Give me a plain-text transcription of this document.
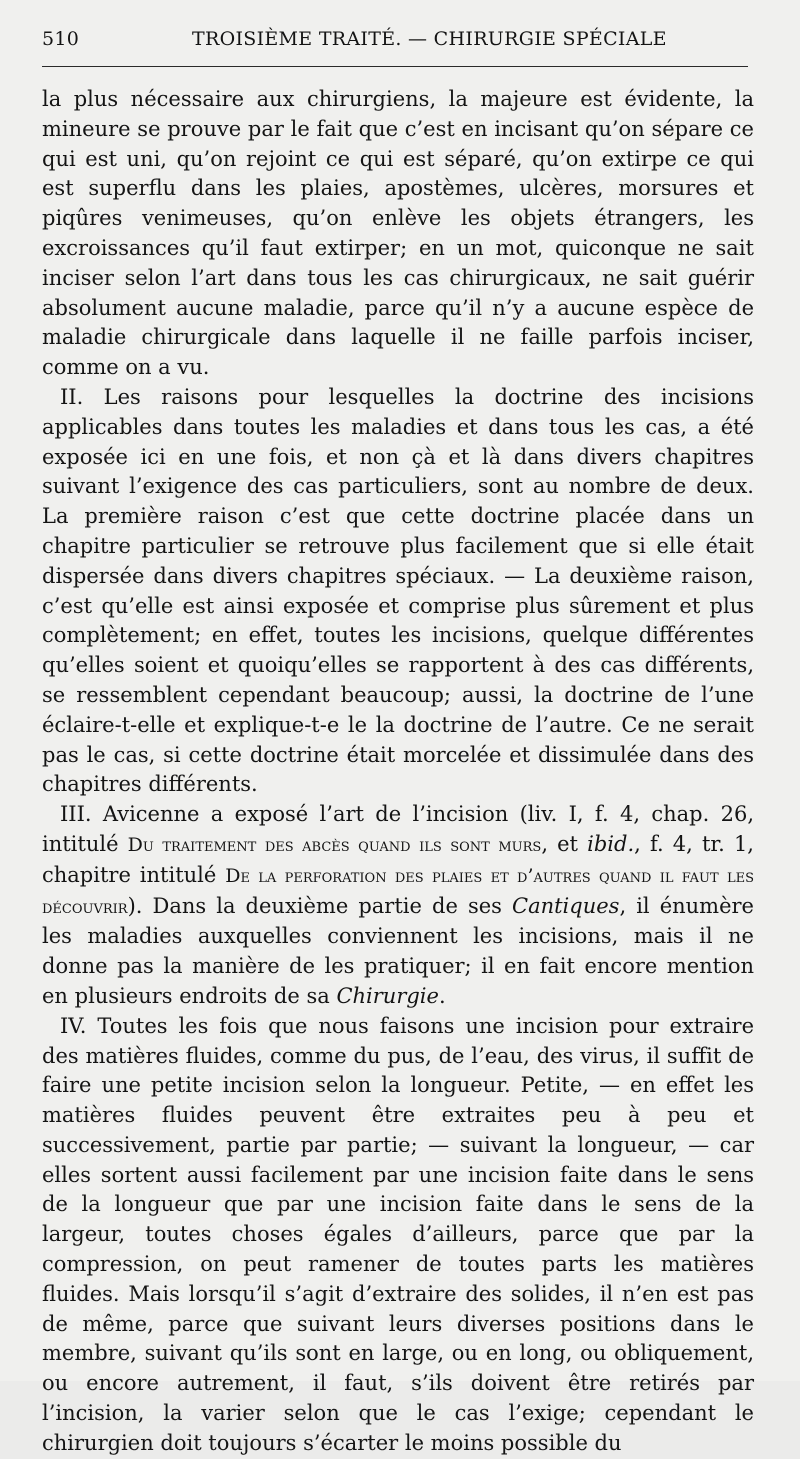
510	TROISIÈME TRAITÉ. — CHIRURGIE SPÉCIALE

la plus nécessaire aux chirurgiens, la majeure est évidente, la mineure se prouve par le fait que c’est en incisant qu’on sépare ce qui est uni, qu’on rejoint ce qui est séparé, qu’on extirpe ce qui est superflu dans les plaies, apostèmes, ulcères, morsures et piqûres venimeuses, qu’on enlève les objets étrangers, les excroissances qu’il faut extirper; en un mot, quiconque ne sait inciser selon l’art dans tous les cas chirurgicaux, ne sait guérir absolument aucune maladie, parce qu’il n’y a aucune espèce de maladie chirurgicale dans laquelle il ne faille parfois inciser, comme on a vu.

II. Les raisons pour lesquelles la doctrine des incisions applicables dans toutes les maladies et dans tous les cas, a été exposée ici en une fois, et non çà et là dans divers chapitres suivant l’exigence des cas particuliers, sont au nombre de deux. La première raison c’est que cette doctrine placée dans un chapitre particulier se retrouve plus facilement que si elle était dispersée dans divers chapitres spéciaux. — La deuxième raison, c’est qu’elle est ainsi exposée et comprise plus sûrement et plus complètement; en effet, toutes les incisions, quelque différentes qu’elles soient et quoiqu’elles se rapportent à des cas différents, se ressemblent cependant beaucoup; aussi, la doctrine de l’une éclaire-t-elle et explique-t-e le la doctrine de l’autre. Ce ne serait pas le cas, si cette doctrine était morcelée et dissimulée dans des chapitres différents.

III. Avicenne a exposé l’art de l’incision (liv. I, f. 4, chap. 26, intitulé Du traitement des abcès quand ils sont murs, et ibid., f. 4, tr. 1, chapitre intitulé De la perforation des plaies et d’autres quand il faut les découvrir). Dans la deuxième partie de ses Cantiques, il énumère les maladies auxquelles conviennent les incisions, mais il ne donne pas la manière de les pratiquer; il en fait encore mention en plusieurs endroits de sa Chirurgie.

IV. Toutes les fois que nous faisons une incision pour extraire des matières fluides, comme du pus, de l’eau, des virus, il suffit de faire une petite incision selon la longueur. Petite, — en effet les matières fluides peuvent être extraites peu à peu et successivement, partie par partie; — suivant la longueur, — car elles sortent aussi facilement par une incision faite dans le sens de la longueur que par une incision faite dans le sens de la largeur, toutes choses égales d’ailleurs, parce que par la compression, on peut ramener de toutes parts les matières fluides. Mais lorsqu’il s’agit d’extraire des solides, il n’en est pas de même, parce que suivant leurs diverses positions dans le membre, suivant qu’ils sont en large, ou en long, ou obliquement, ou encore autrement, il faut, s’ils doivent être retirés par l’incision, la varier selon que le cas l’exige; cependant le chirurgien doit toujours s’écarter le moins possible du
